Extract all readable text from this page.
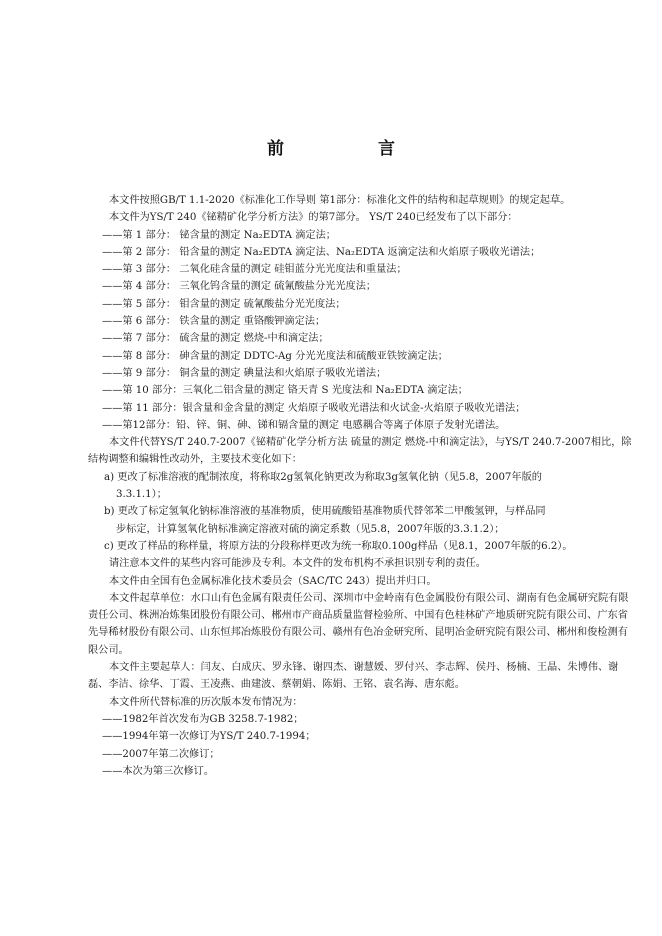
前 言

本文件按照GB/T 1.1-2020《标准化工作导则 第1部分：标准化文件的结构和起草规则》的规定起草。

本文件为YS/T 240《铋精矿化学分析方法》的第7部分。 YS/T 240已经发布了以下部分：

——第 1 部分： 铋含量的测定 Na₂EDTA 滴定法；

——第 2 部分： 铅含量的测定 Na₂EDTA 滴定法、Na₂EDTA 返滴定法和火焰原子吸收光谱法；

——第 3 部分： 二氧化硅含量的测定 硅钼蓝分光光度法和重量法；

——第 4 部分： 三氧化钨含量的测定 硫氰酸盐分光光度法；

——第 5 部分： 钼含量的测定 硫氰酸盐分光光度法；

——第 6 部分： 铁含量的测定 重铬酸钾滴定法；

——第 7 部分： 硫含量的测定 燃烧-中和滴定法；

——第 8 部分： 砷含量的测定 DDTC-Ag 分光光度法和硫酸亚铁铵滴定法；

——第 9 部分： 铜含量的测定 碘量法和火焰原子吸收光谱法；

——第 10 部分：三氧化二铝含量的测定 铬天青 S 光度法和 Na₂EDTA 滴定法；

——第 11 部分：银含量和金含量的测定 火焰原子吸收光谱法和火试金-火焰原子吸收光谱法；

——第12部分：铅、锌、铜、砷、锑和镉含量的测定 电感耦合等离子体原子发射光谱法。

本文件代替YS/T 240.7-2007《铋精矿化学分析方法 硫量的测定 燃烧-中和滴定法》，与YS/T 240.7-2007相比，除结构调整和编辑性改动外，主要技术变化如下：

a) 更改了标准溶液的配制浓度，将称取2g氢氧化钠更改为称取3g氢氧化钠（见5.8，2007年版的
3.3.1.1）；
b) 更改了标定氢氧化钠标准溶液的基准物质，使用硫酸铅基准物质代替邻苯二甲酸氢钾，与样品同
步标定，计算氢氧化钠标准滴定溶液对硫的滴定系数（见5.8，2007年版的3.3.1.2）；
c) 更改了样品的称样量，将原方法的分段称样更改为统一称取0.100g样品（见8.1，2007年版的6.2）。

请注意本文件的某些内容可能涉及专利。本文件的发布机构不承担识别专利的责任。

本文件由全国有色金属标准化技术委员会（SAC/TC 243）提出并归口。

本文件起草单位：水口山有色金属有限责任公司、深圳市中金岭南有色金属股份有限公司、湖南有色金属研究院有限责任公司、株洲冶炼集团股份有限公司、郴州市产商品质量监督检验所、中国有色桂林矿产地质研究院有限公司、广东省先导稀材股份有限公司、山东恒邦冶炼股份有限公司、赣州有色冶金研究所、昆明冶金研究院有限公司、郴州和俊检测有限公司。

本文件主要起草人：闫友、白成庆、罗永锋、谢四杰、谢慧媛、罗付兴、李志辉、侯丹、杨楠、王晶、朱博伟、谢磊、李洁、徐华、丁霞、王凌燕、曲建波、蔡朝娟、陈娟、王铭、袁名海、唐东彪。

本文件所代替标准的历次版本发布情况为：

——1982年首次发布为GB 3258.7-1982；

——1994年第一次修订为YS/T 240.7-1994；

——2007年第二次修订；

——本次为第三次修订。
